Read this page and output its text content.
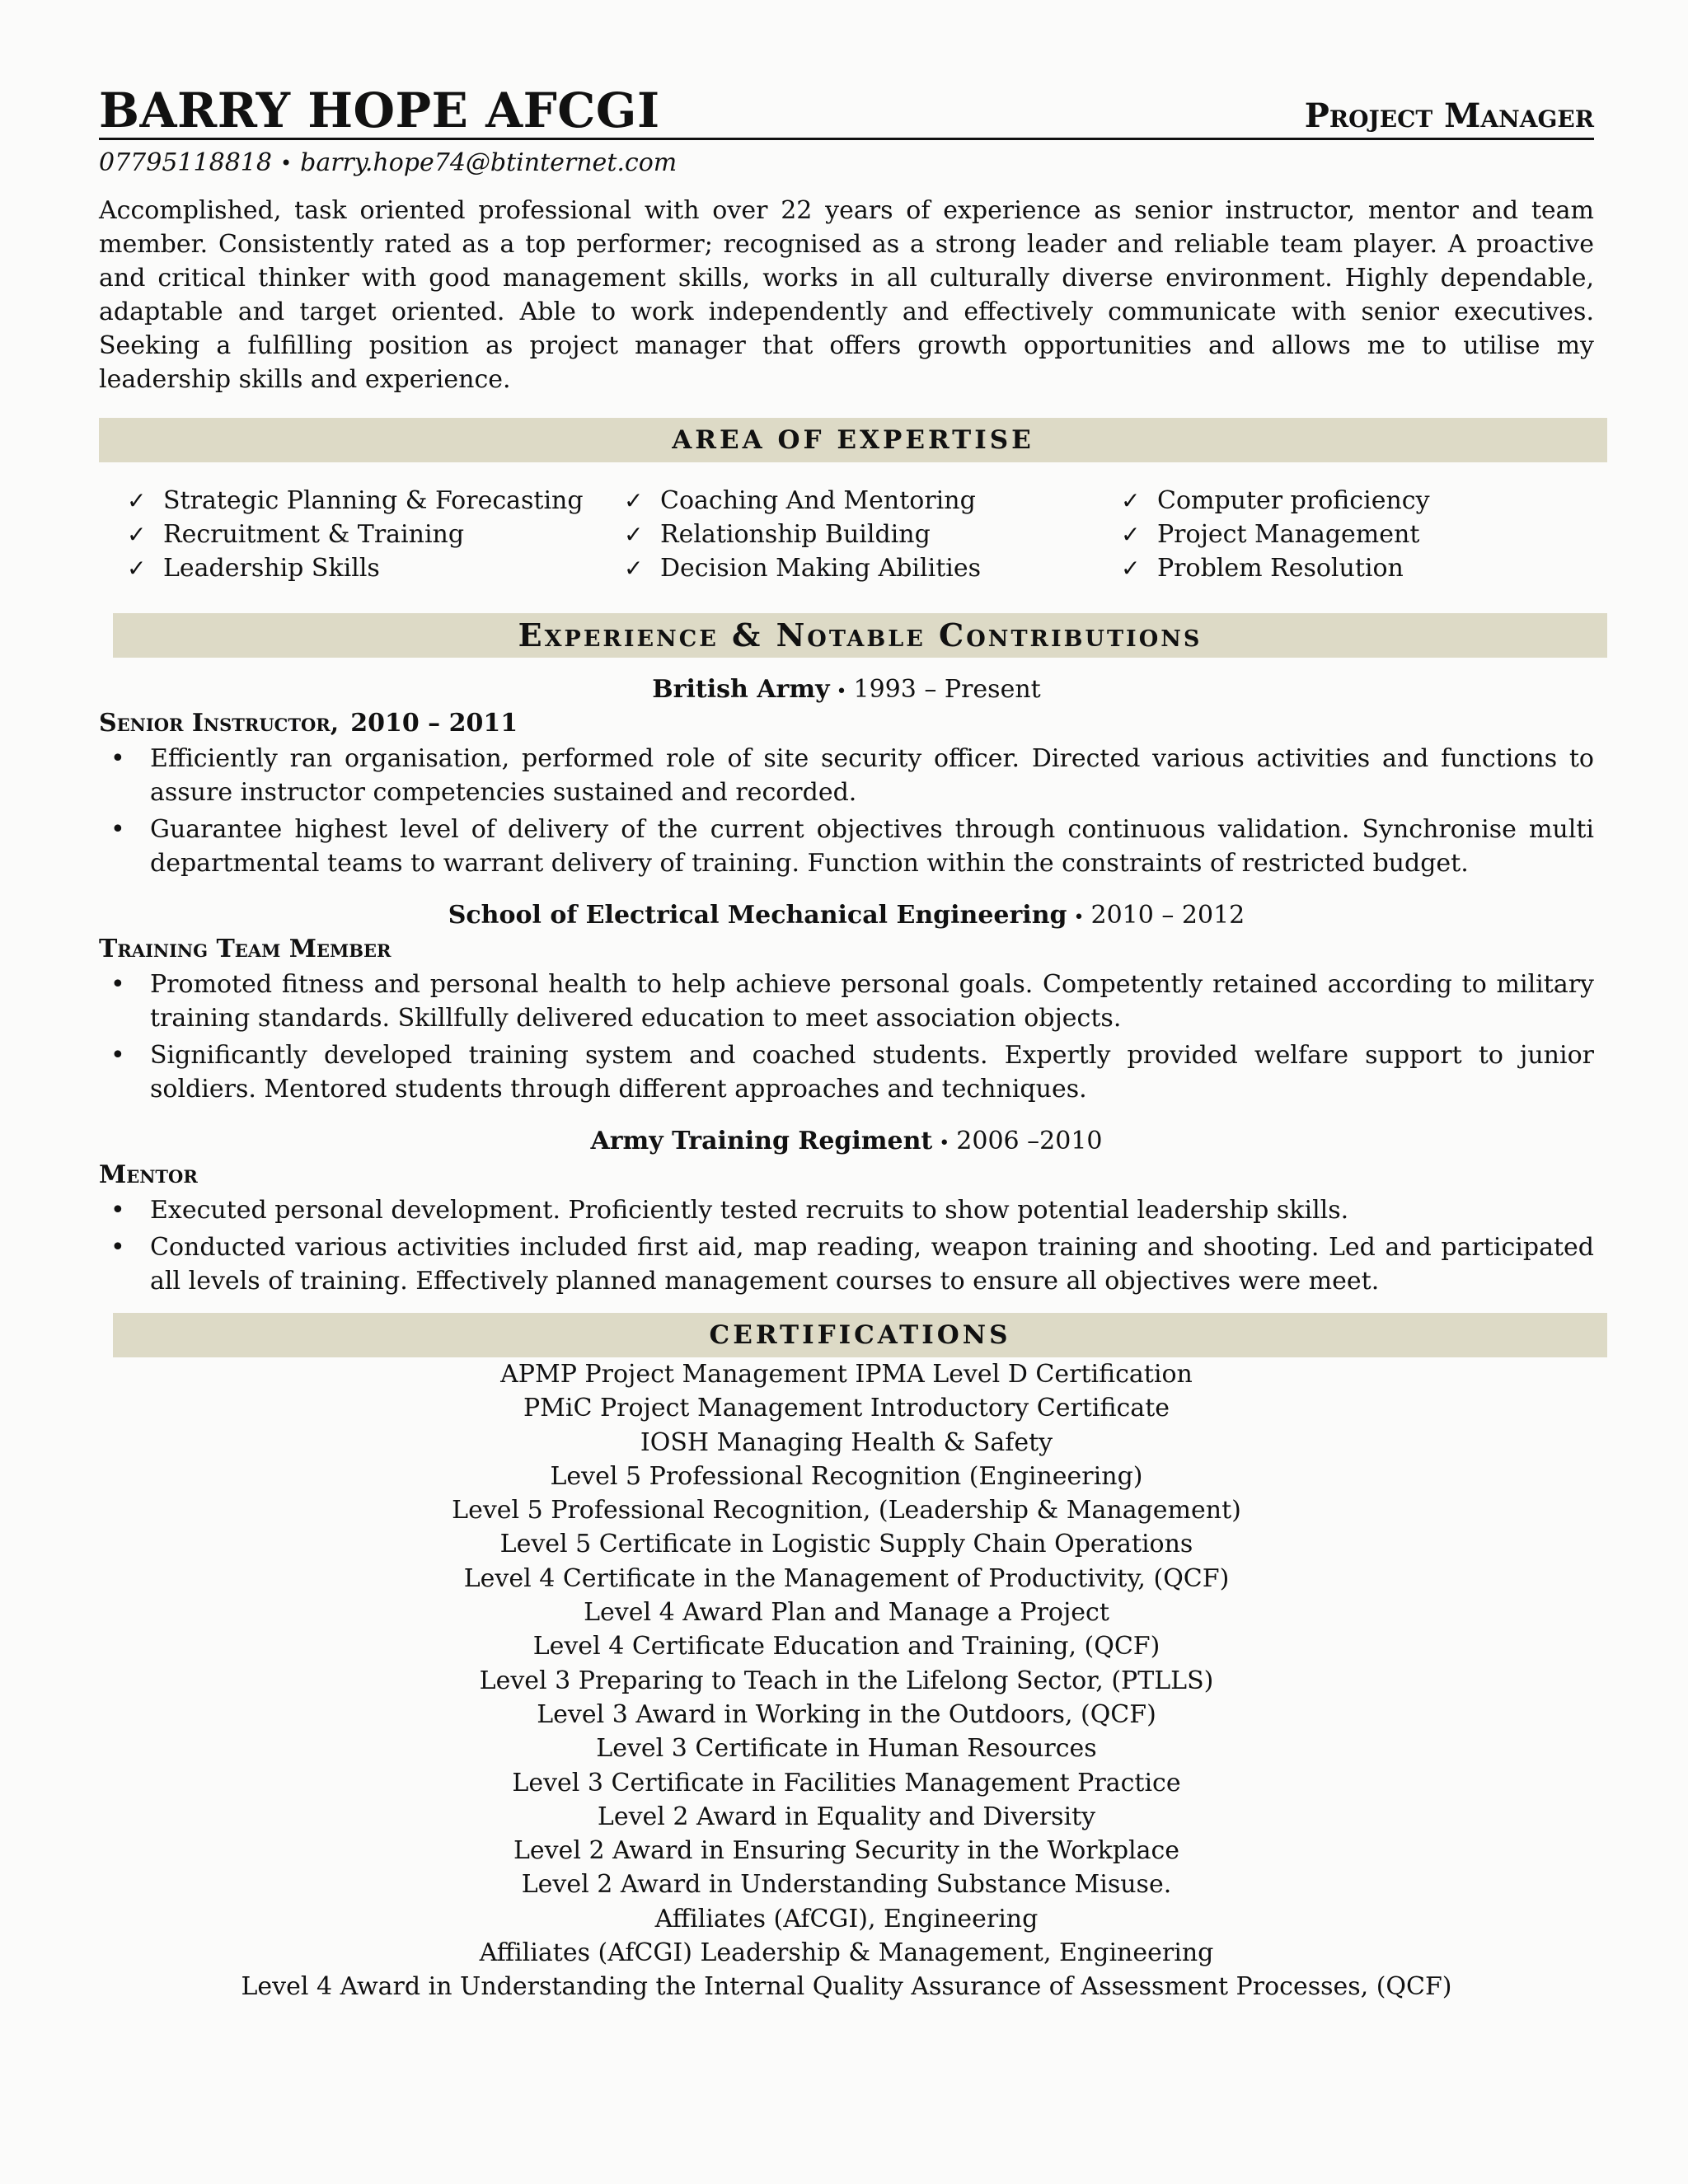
BARRY HOPE AFCGI	Project Manager
07795118818 • barry.hope74@btinternet.com
Accomplished, task oriented professional with over 22 years of experience as senior instructor, mentor and team member. Consistently rated as a top performer; recognised as a strong leader and reliable team player. A proactive and critical thinker with good management skills, works in all culturally diverse environment. Highly dependable, adaptable and target oriented. Able to work independently and effectively communicate with senior executives. Seeking a fulfilling position as project manager that offers growth opportunities and allows me to utilise my leadership skills and experience.
AREA OF EXPERTISE
✓ Strategic Planning & Forecasting ✓ Coaching And Mentoring	✓ Computer proficiency
✓ Recruitment & Training	✓ Relationship Building	✓ Project Management
✓ Leadership Skills	✓ Decision Making Abilities	✓ Problem Resolution
Experience & Notable Contributions
British Army • 1993 – Present
Senior Instructor, 2010 – 2011
• Efficiently ran organisation, performed role of site security officer. Directed various activities and functions to assure instructor competencies sustained and recorded.
• Guarantee highest level of delivery of the current objectives through continuous validation. Synchronise multi departmental teams to warrant delivery of training. Function within the constraints of restricted budget.
School of Electrical Mechanical Engineering • 2010 – 2012
Training Team Member
• Promoted fitness and personal health to help achieve personal goals. Competently retained according to military training standards. Skillfully delivered education to meet association objects.
• Significantly developed training system and coached students. Expertly provided welfare support to junior soldiers. Mentored students through different approaches and techniques.
Army Training Regiment • 2006 –2010
Mentor
• Executed personal development. Proficiently tested recruits to show potential leadership skills.
• Conducted various activities included first aid, map reading, weapon training and shooting. Led and participated all levels of training. Effectively planned management courses to ensure all objectives were meet.
CERTIFICATIONS
APMP Project Management IPMA Level D Certification
PMiC Project Management Introductory Certificate
IOSH Managing Health & Safety
Level 5 Professional Recognition (Engineering)
Level 5 Professional Recognition, (Leadership & Management)
Level 5 Certificate in Logistic Supply Chain Operations
Level 4 Certificate in the Management of Productivity, (QCF)
Level 4 Award Plan and Manage a Project
Level 4 Certificate Education and Training, (QCF)
Level 3 Preparing to Teach in the Lifelong Sector, (PTLLS)
Level 3 Award in Working in the Outdoors, (QCF)
Level 3 Certificate in Human Resources
Level 3 Certificate in Facilities Management Practice
Level 2 Award in Equality and Diversity
Level 2 Award in Ensuring Security in the Workplace
Level 2 Award in Understanding Substance Misuse.
Affiliates (AfCGI), Engineering
Affiliates (AfCGI) Leadership & Management, Engineering
Level 4 Award in Understanding the Internal Quality Assurance of Assessment Processes, (QCF)
